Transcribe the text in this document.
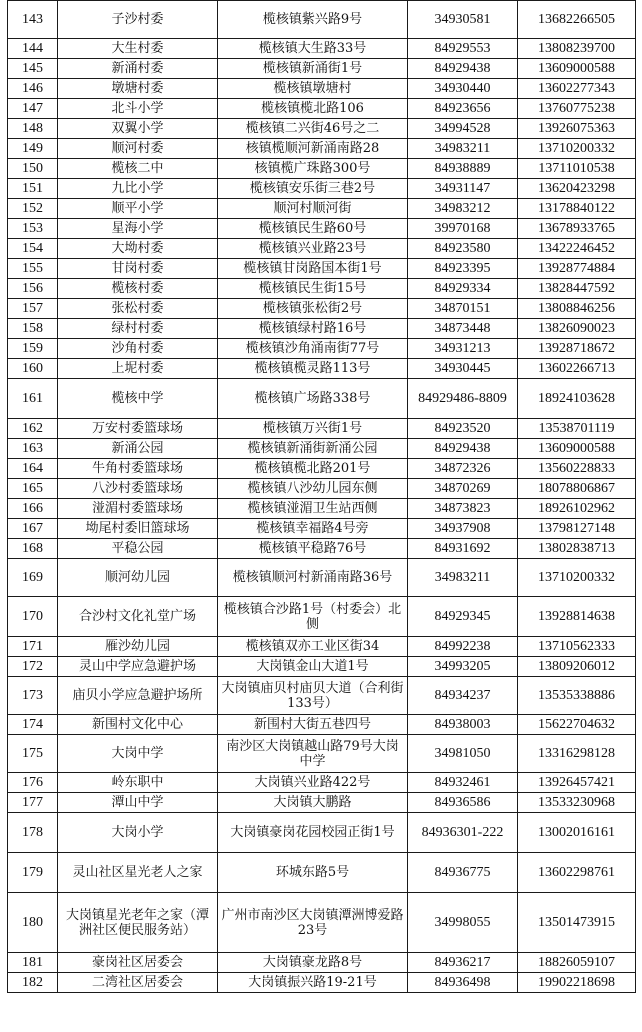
143	子沙村委	榄核镇紫兴路9号	34930581	13682266505
144	大生村委	榄核镇大生路33号	84929553	13808239700
145	新涌村委	榄核镇新涌街1号	84929438	13609000588
146	墩塘村委	榄核镇墩塘村	34930440	13602277343
147	北斗小学	榄核镇榄北路106	84923656	13760775238
148	双翼小学	榄核镇二兴街46号之二	34994528	13926075363
149	顺河村委	核镇榄顺河新涌南路28	34983211	13710200332
150	榄核二中	核镇榄广珠路300号	84938889	13711010538
151	九比小学	榄核镇安乐街三巷2号	34931147	13620423298
152	顺平小学	顺河村顺河街	34983212	13178840122
153	星海小学	榄核镇民生路60号	39970168	13678933765
154	大坳村委	榄核镇兴业路23号	84923580	13422246452
155	甘岗村委	榄核镇甘岗路国本街1号	84923395	13928774884
156	榄核村委	榄核镇民生街15号	84929334	13828447592
157	张松村委	榄核镇张松街2号	34870151	13808846256
158	绿村村委	榄核镇绿村路16号	34873448	13826090023
159	沙角村委	榄核镇沙角涌南街77号	34931213	13928718672
160	上坭村委	榄核镇榄灵路113号	34930445	13602266713
161	榄核中学	榄核镇广场路338号	84929486-8809	18924103628
162	万安村委篮球场	榄核镇万兴街1号	84923520	13538701119
163	新涌公园	榄核镇新涌街新涌公园	84929438	13609000588
164	牛角村委篮球场	榄核镇榄北路201号	34872326	13560228833
165	八沙村委篮球场	榄核镇八沙幼儿园东侧	34870269	18078806867
166	湴湄村委篮球场	榄核镇湴湄卫生站西侧	34873823	18926102962
167	坳尾村委旧篮球场	榄核镇幸福路4号旁	34937908	13798127148
168	平稳公园	榄核镇平稳路76号	84931692	13802838713
169	顺河幼儿园	榄核镇顺河村新涌南路36号	34983211	13710200332
170	合沙村文化礼堂广场	榄核镇合沙路1号（村委会）北侧	84929345	13928814638
171	雁沙幼儿园	榄核镇双亦工业区街34	84992238	13710562333
172	灵山中学应急避护场	大岗镇金山大道1号	34993205	13809206012
173	庙贝小学应急避护场所	大岗镇庙贝村庙贝大道（合利街133号）	84934237	13535338886
174	新围村文化中心	新围村大街五巷四号	84938003	15622704632
175	大岗中学	南沙区大岗镇越山路79号大岗中学	34981050	13316298128
176	岭东职中	大岗镇兴业路422号	84932461	13926457421
177	潭山中学	大岗镇大鹏路	84936586	13533230968
178	大岗小学	大岗镇豪岗花园校园正街1号	84936301-222	13002016161
179	灵山社区星光老人之家	环城东路5号	84936775	13602298761
180	大岗镇星光老年之家（潭洲社区便民服务站）	广州市南沙区大岗镇潭洲博爱路23号	34998055	13501473915
181	豪岗社区居委会	大岗镇豪龙路8号	84936217	18826059107
182	二湾社区居委会	大岗镇振兴路19-21号	84936498	19902218698
